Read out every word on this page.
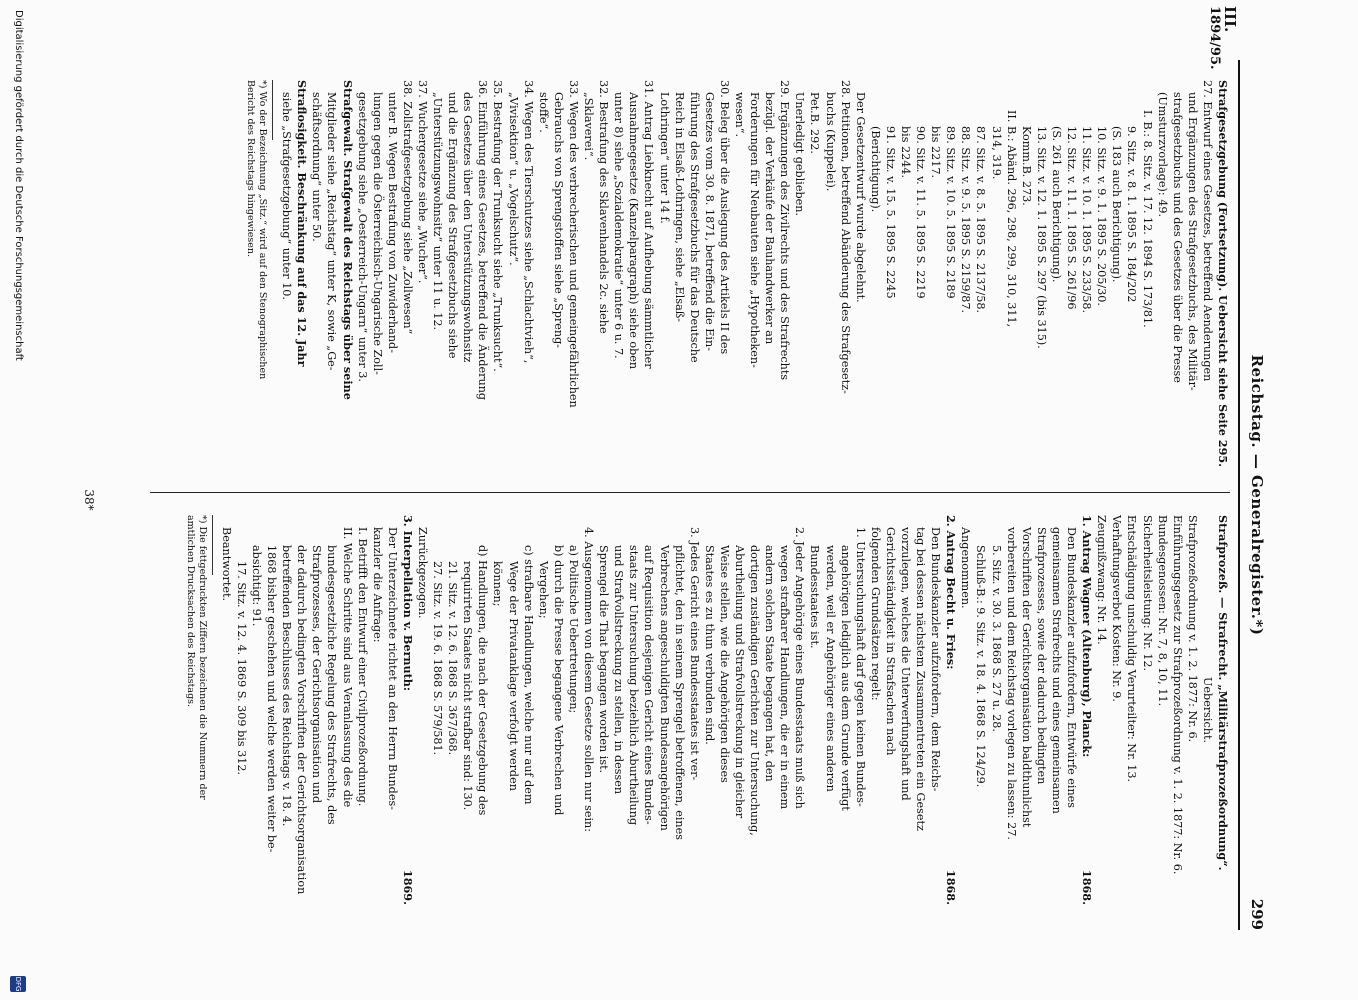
Reichstag. — Generalregister.*)
299
III.
1894/95.
Strafgesetzgebung (Fortsetzung). Uebersicht siehe Seite 295.
27. Entwurf eines Gesetzes, betreffend Aenderungen
und Ergänzungen des Strafgesetzbuchs, des Militär-
strafgesetzbuchs und des Gesetzes über die Presse
(Umsturzvorlage): 49.
I. B.: 8. Sitz. v. 17. 12. 1894 S. 173/81.
9. Sitz. v. 8. 1. 1895 S. 184/202
(S. 183 auch Berichtigung).
10. Sitz. v. 9. 1. 1895 S. 205/30.
11. Sitz. v. 10. 1. 1895 S. 233/58.
12. Sitz. v. 11. 1. 1895 S. 261/96
(S. 261 auch Berichtigung).
13. Sitz. v. 12. 1. 1895 S. 297 (bis 315).
Komm.B. 273.
II. B.: Abänd. 296, 298, 299, 310, 311,
314, 319.
87. Sitz. v. 8. 5. 1895 S. 2137/58.
88. Sitz. v. 9. 5. 1895 S. 2159/87.
89. Sitz. v. 10. 5. 1895 S. 2189
bis 2217.
90. Sitz. v. 11. 5. 1895 S. 2219
bis 2244.
91. Sitz. v. 15. 5. 1895 S. 2245
(Berichtigung).
Der Gesetzentwurf wurde abgelehnt.
28. Petitionen, betreffend Abänderung des Strafgesetz-
buchs (Kuppelei).
Pet.B. 292.
Unerledigt geblieben.
29. Ergänzungen des Zivilrechts und des Strafrechts
bezügl. der Verkäufe der Bauhandwerker an
Forderungen für Neubauten siehe „Hypotheken-
wesen“.
30. Beleg über die Auslegung des Artikels II des
Gesetzes vom 30. 8. 1871, betreffend die Ein-
führung des Strafgesetzbuchs für das Deutsche
Reich in Elsaß-Lothringen, siehe „Elsaß-
Lothringen“ unter 14 f.
31. Antrag Liebknecht auf Aufhebung sämmtlicher
Ausnahmegesetze (Kanzelparagraph) siehe oben
unter 8) siehe „Sozialdemokratie“ unter 6 u. 7.
32. Bestrafung des Sklavenhandels 2c. siehe
„Sklaverei“.
33. Wegen des verbrecherischen und gemeingefährlichen
Gebrauchs von Sprengstoffen siehe „Spreng-
stoffe“.
34. Wegen des Tierschutzes siehe „Schlachtvieh“,
„Vivisektion“ u. „Vogelschutz“.
35. Bestrafung der Trunksucht siehe „Trunksucht“.
36. Einführung eines Gesetzes, betreffend die Änderung
des Gesetzes über den Unterstützungswohnsitz
und die Ergänzung des Strafgesetzbuchs siehe
„Unterstützungswohnsitz“ unter 11 u. 12.
37. Wuchergesetze siehe „Wucher“.
38. Zollstrafgesetzgebung siehe „Zollwesen“
unter B. Wegen Bestrafung von Zuwiderhand-
lungen gegen die Österreichisch-Ungarische Zoll-
gesetzgebung siehe „Oesterreich-Ungarn“ unter 3.
Strafgewalt. Strafgewalt des Reichstags über seine
Mitglieder siehe „Reichstag“ unter K, sowie „Ge-
schäftsordnung“ unter 50.
Straflosigkeit. Beschränkung auf das 12. Jahr
siehe „Strafgesetzgebung“ unter 10.
*) Wo der Bezeichnung „Sitz.“ wird auf den Stenographischen
Bericht des Reichstags hingewiesen.
Strafprozeß. — Strafrecht. „Militärstrafprozeßordnung“.
Uebersicht.
Strafprozeßordnung v. 1. 2. 1877: Nr. 6.
Einführungsgesetz zur Strafprozeßordnung v. 1. 2. 1877: Nr. 6.
Bundesgenossen: Nr. 7, 8, 10, 11.
Sicherheitsleistung: Nr. 12.
Entschädigung unschuldig Verurteilter: Nr. 13.
Verhaftungsverbot Kosten: Nr. 9.
Zeugnißzwang: Nr. 14.
1. Antrag Wagner (Altenburg), Planck:
1868.
Den Bundeskanzler aufzufordern, Entwürfe eines
gemeinsamen Strafrechts und eines gemeinsamen
Strafprozesses, sowie der dadurch bedingten
Vorschriften der Gerichtsorganisation baldthunlichst
vorbereiten und dem Reichstag vorlegen zu lassen: 27.
5. Sitz. v. 30. 3. 1868 S. 27 u. 28.
Schluß-B.: 9. Sitz. v. 18. 4. 1868 S. 124/29.
Angenommen.
2. Antrag Becht u. Fries:
1868.
Den Bundeskanzler aufzufordern, dem Reichs-
tag bei dessen nächstem Zusammentreten ein Gesetz
vorzulegen, welches die Unterwerfungshaft und
Gerichtsständigkeit in Strafsachen nach
folgenden Grundsätzen regelt:
1. Untersuchungshaft darf gegen keinen Bundes-
angehörigen lediglich aus dem Grunde verfügt
werden, weil er Angehöriger eines anderen
Bundesstaates ist.
2. Jeder Angehörige eines Bundesstaats muß sich
wegen strafbarer Handlungen, die er in einem
andern solchen Staate begangen hat, den
dortigen zuständigen Gerichten zur Untersuchung,
Aburtheilung und Strafvollstreckung in gleicher
Weise stellen, wie die Angehörigen dieses
Staates es zu thun verbunden sind.
3. Jedes Gericht eines Bundesstaates ist ver-
pflichtet, den in seinem Sprengel betroffenen, eines
Verbrechens angeschuldigten Bundesangehörigen
auf Requisition desjenigen Gericht eines Bundes-
staats zur Untersuchung beziehlich Aburtheilung
und Strafvollstreckung zu stellen, in dessen
Sprengel die That begangen worden ist.
4. Ausgenommen von diesem Gesetze sollen nur sein:
a) Politische Uebertretungen;
b) durch die Presse begangene Verbrechen und
Vergehen;
c) strafbare Handlungen, welche nur auf dem
Wege der Privatanklage verfolgt werden
können;
d) Handlungen, die nach der Gesetzgebung des
requirirten Staates nicht strafbar sind: 130.
21. Sitz. v. 12. 6. 1868 S. 367/368.
27. Sitz. v. 19. 6. 1868 S. 579/581.
Zurückgezogen.
3. Interpellation v. Bernuth:
1869.
Der Unterzeichnete richtet an den Herrn Bundes-
kanzler die Anfrage:
I. Betrifft den Entwurf einer Civilprozeßordnung.
II. Welche Schritte sind aus Veranlassung des die
bundesgesetzliche Regelung des Strafrechts, des
Strafprozesses, der Gerichtsorganisation und
der dadurch bedingten Vorschriften der Gerichtsorganisation
betreffenden Beschlusses des Reichstags v. 18. 4.
1868 bisher geschehen und welche werden weiter be-
absichtigt: 91.
17. Sitz. v. 12. 4. 1869 S. 309 bis 312.
Beantwortet.
*) Die fettgedruckten Ziffern bezeichnen die Nummern der
amtlichen Drucksachen des Reichstags.
38*
Digitalisierung gefördert durch die Deutsche Forschungsgemeinschaft
DFG
